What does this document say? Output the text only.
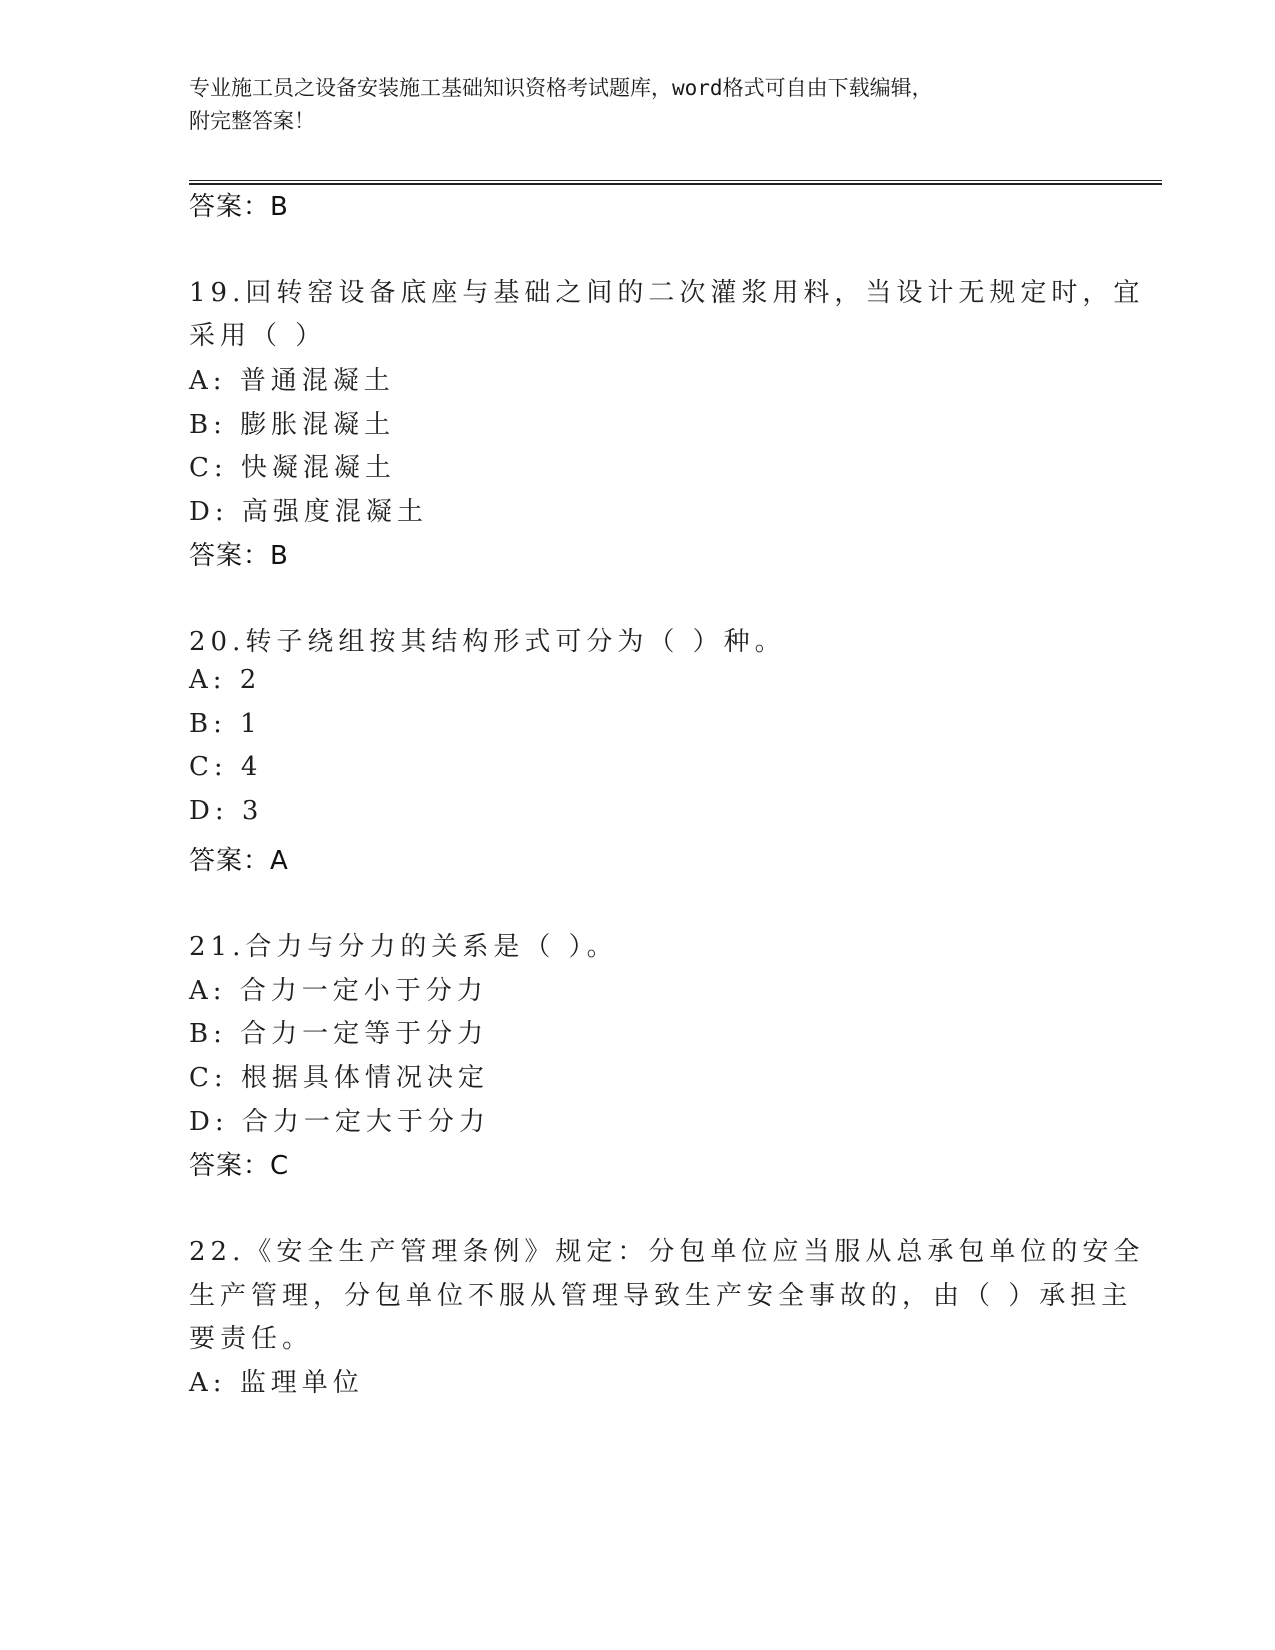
专业施工员之设备安装施工基础知识资格考试题库，word格式可自由下载编辑，
附完整答案！
答案：B
19.回转窑设备底座与基础之间的二次灌浆用料，当设计无规定时，宜
采用（ ）
A: 普通混凝土
B: 膨胀混凝土
C: 快凝混凝土
D: 高强度混凝土
答案：B
20.转子绕组按其结构形式可分为（ ）种。
A: 2
B: 1
C: 4
D: 3
答案：A
21.合力与分力的关系是（ ）。
A: 合力一定小于分力
B: 合力一定等于分力
C: 根据具体情况决定
D: 合力一定大于分力
答案：C
22.《安全生产管理条例》规定：分包单位应当服从总承包单位的安全
生产管理，分包单位不服从管理导致生产安全事故的，由（ ）承担主
要责任。
A: 监理单位
